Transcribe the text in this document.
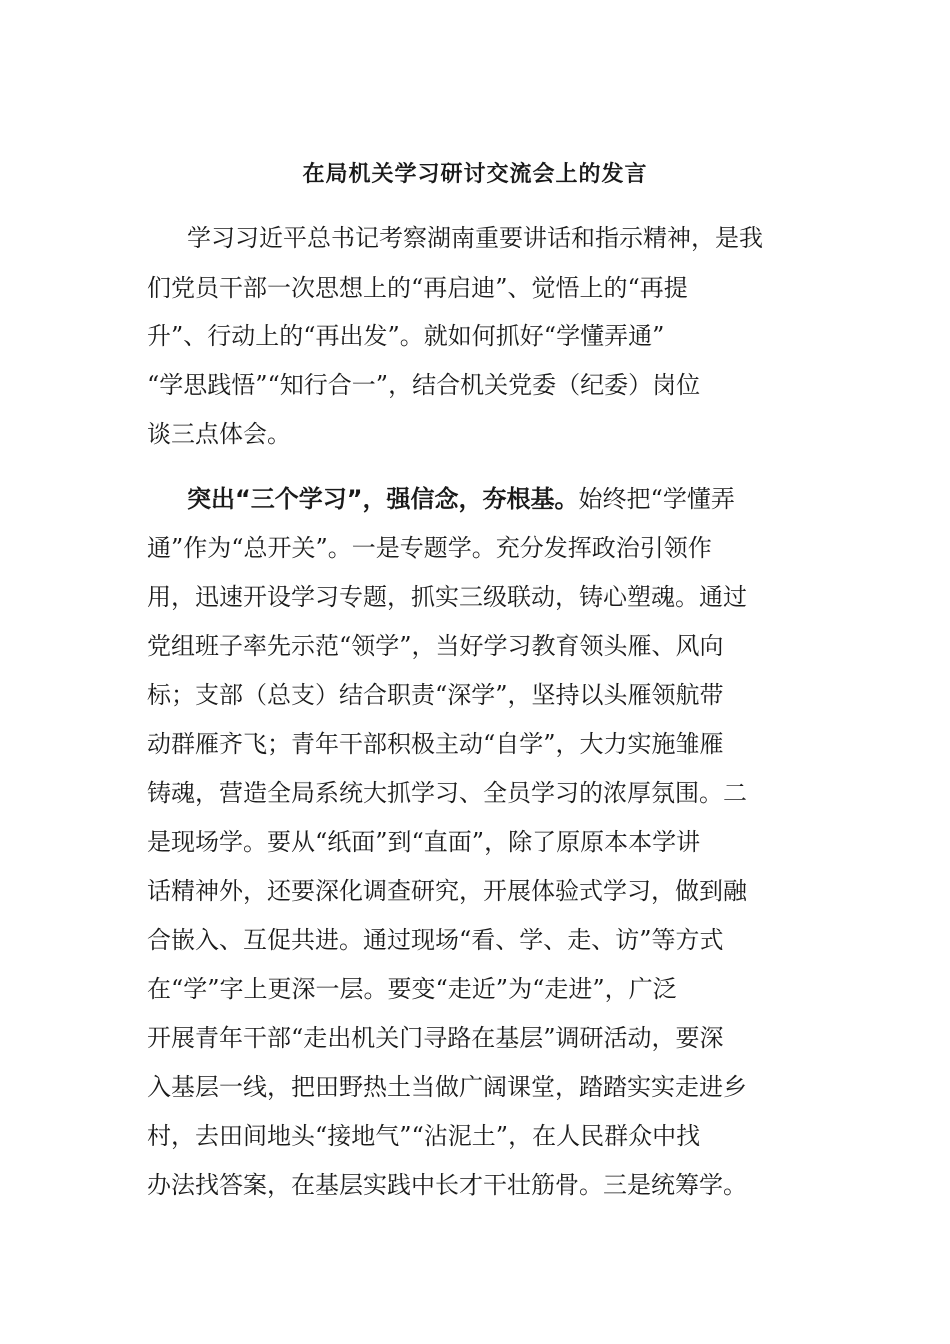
在局机关学习研讨交流会上的发言

学习习近平总书记考察湖南重要讲话和指示精神，是我

们党员干部一次思想上的“再启迪”、觉悟上的“再提

升”、行动上的“再出发”。就如何抓好“学懂弄通”

“学思践悟”“知行合一”，结合机关党委（纪委）岗位

谈三点体会。

突出“三个学习”，强信念，夯根基。始终把“学懂弄

通”作为“总开关”。一是专题学。充分发挥政治引领作

用，迅速开设学习专题，抓实三级联动，铸心塑魂。通过

党组班子率先示范“领学”，当好学习教育领头雁、风向

标；支部（总支）结合职责“深学”，坚持以头雁领航带

动群雁齐飞；青年干部积极主动“自学”，大力实施雏雁

铸魂，营造全局系统大抓学习、全员学习的浓厚氛围。二

是现场学。要从“纸面”到“直面”，除了原原本本学讲

话精神外，还要深化调查研究，开展体验式学习，做到融

合嵌入、互促共进。通过现场“看、学、走、访”等方式

在“学”字上更深一层。要变“走近”为“走进”，广泛

开展青年干部“走出机关门寻路在基层”调研活动，要深

入基层一线，把田野热土当做广阔课堂，踏踏实实走进乡

村，去田间地头“接地气”“沾泥土”，在人民群众中找

办法找答案，在基层实践中长才干壮筋骨。三是统筹学。
